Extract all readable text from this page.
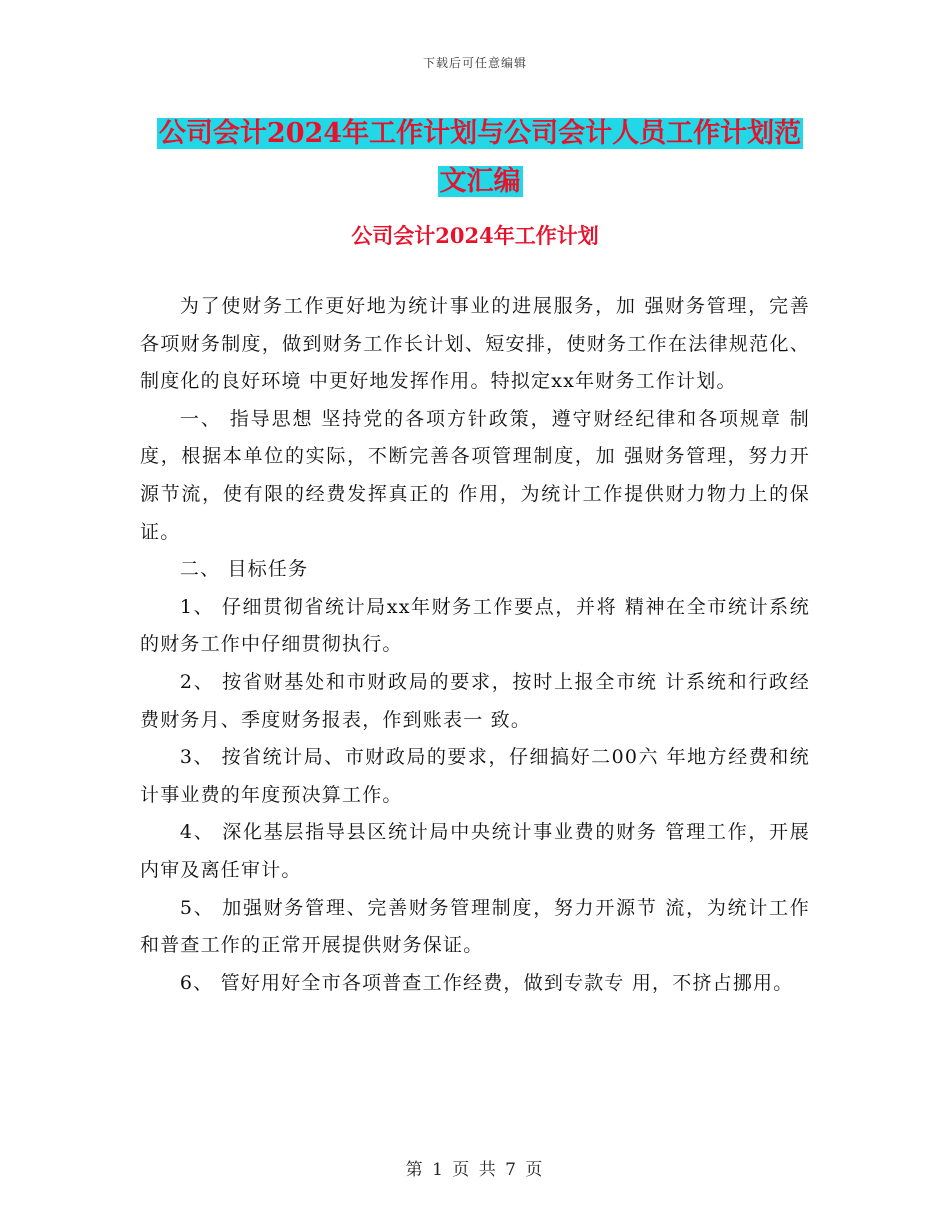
下载后可任意编辑
公司会计2024年工作计划与公司会计人员工作计划范
文汇编
公司会计2024年工作计划

为了使财务工作更好地为统计事业的进展服务，加 强财务管理，完善各项财务制度，做到财务工作长计划、短安排，使财务工作在法律规范化、制度化的良好环境 中更好地发挥作用。特拟定xx年财务工作计划。

一、 指导思想 坚持党的各项方针政策，遵守财经纪律和各项规章 制度，根据本单位的实际，不断完善各项管理制度，加 强财务管理，努力开源节流，使有限的经费发挥真正的 作用，为统计工作提供财力物力上的保证。

二、 目标任务

1、 仔细贯彻省统计局xx年财务工作要点，并将 精神在全市统计系统的财务工作中仔细贯彻执行。

2、 按省财基处和市财政局的要求，按时上报全市统 计系统和行政经费财务月、季度财务报表，作到账表一 致。

3、 按省统计局、市财政局的要求，仔细搞好二00六 年地方经费和统计事业费的年度预决算工作。

4、 深化基层指导县区统计局中央统计事业费的财务 管理工作，开展内审及离任审计。

5、 加强财务管理、完善财务管理制度，努力开源节 流，为统计工作和普查工作的正常开展提供财务保证。

6、 管好用好全市各项普查工作经费，做到专款专 用，不挤占挪用。

第 1 页 共 7 页
